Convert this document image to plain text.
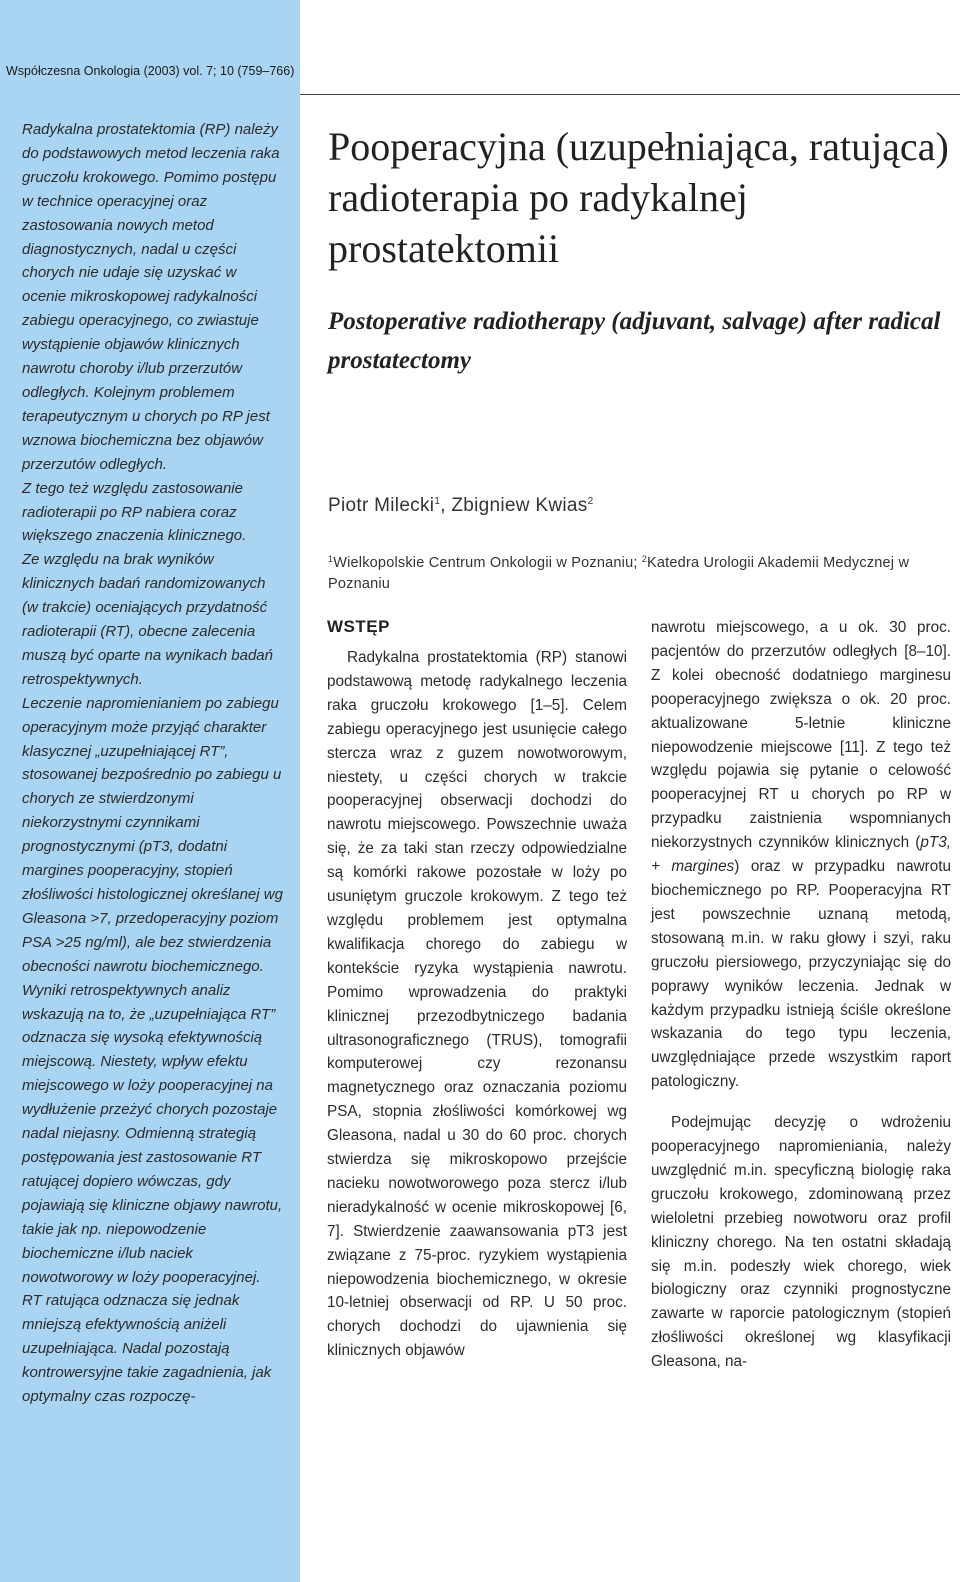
Współczesna Onkologia (2003) vol. 7; 10 (759–766)

Radykalna prostatektomia (RP) należy do podstawowych metod leczenia raka gruczołu krokowego. Pomimo postępu w technice operacyjnej oraz zastosowania nowych metod diagnostycznych, nadal u części chorych nie udaje się uzyskać w ocenie mikroskopowej radykalności zabiegu operacyjnego, co zwiastuje wystąpienie objawów klinicznych nawrotu choroby i/lub przerzutów odległych. Kolejnym problemem terapeutycznym u chorych po RP jest wznowa biochemiczna bez objawów przerzutów odległych.

Z tego też względu zastosowanie radioterapii po RP nabiera coraz większego znaczenia klinicznego.

Ze względu na brak wyników klinicznych badań randomizowanych (w trakcie) oceniających przydatność radioterapii (RT), obecne zalecenia muszą być oparte na wynikach badań retrospektywnych.

Leczenie napromienianiem po zabiegu operacyjnym może przyjąć charakter klasycznej „uzupełniającej RT”, stosowanej bezpośrednio po zabiegu u chorych ze stwierdzonymi niekorzystnymi czynnikami prognostycznymi (pT3, dodatni margines pooperacyjny, stopień złośliwości histologicznej określanej wg Gleasona >7, przedoperacyjny poziom PSA >25 ng/ml), ale bez stwierdzenia obecności nawrotu biochemicznego. Wyniki retrospektywnych analiz wskazują na to, że „uzupełniająca RT” odznacza się wysoką efektywnością miejscową. Niestety, wpływ efektu miejscowego w loży pooperacyjnej na wydłużenie przeżyć chorych pozostaje nadal niejasny. Odmienną strategią postępowania jest zastosowanie RT ratującej dopiero wówczas, gdy pojawiają się kliniczne objawy nawrotu, takie jak np. niepowodzenie biochemiczne i/lub naciek nowotworowy w loży pooperacyjnej. RT ratująca odznacza się jednak mniejszą efektywnością aniżeli uzupełniająca. Nadal pozostają kontrowersyjne takie zagadnienia, jak optymalny czas rozpoczę-

Pooperacyjna (uzupełniająca, ratująca) radioterapia po radykalnej prostatektomii
Postoperative radiotherapy (adjuvant, salvage) after radical prostatectomy
Piotr Milecki$^1$, Zbigniew Kwias$^2$
$^1$Wielkopolskie Centrum Onkologii w Poznaniu; $^2$Katedra Urologii Akademii Medycznej w Poznaniu
WSTĘP

Radykalna prostatektomia (RP) stanowi podstawową metodę radykalnego leczenia raka gruczołu krokowego [1–5]. Celem zabiegu operacyjnego jest usunięcie całego stercza wraz z guzem nowotworowym, niestety, u części chorych w trakcie pooperacyjnej obserwacji dochodzi do nawrotu miejscowego. Powszechnie uważa się, że za taki stan rzeczy odpowiedzialne są komórki rakowe pozostałe w loży po usuniętym gruczole krokowym. Z tego też względu problemem jest optymalna kwalifikacja chorego do zabiegu w kontekście ryzyka wystąpienia nawrotu. Pomimo wprowadzenia do praktyki klinicznej przezodbytniczego badania ultrasonograficznego (TRUS), tomografii komputerowej czy rezonansu magnetycznego oraz oznaczania poziomu PSA, stopnia złośliwości komórkowej wg Gleasona, nadal u 30 do 60 proc. chorych stwierdza się mikroskopowo przejście nacieku nowotworowego poza stercz i/lub nieradykalność w ocenie mikroskopowej [6, 7]. Stwierdzenie zaawansowania pT3 jest związane z 75-proc. ryzykiem wystąpienia niepowodzenia biochemicznego, w okresie 10-letniej obserwacji od RP. U 50 proc. chorych dochodzi do ujawnienia się klinicznych objawów

nawrotu miejscowego, a u ok. 30 proc. pacjentów do przerzutów odległych [8–10]. Z kolei obecność dodatniego marginesu pooperacyjnego zwiększa o ok. 20 proc. aktualizowane 5-letnie kliniczne niepowodzenie miejscowe [11]. Z tego też względu pojawia się pytanie o celowość pooperacyjnej RT u chorych po RP w przypadku zaistnienia wspomnianych niekorzystnych czynników klinicznych (pT3, + margines) oraz w przypadku nawrotu biochemicznego po RP. Pooperacyjna RT jest powszechnie uznaną metodą, stosowaną m.in. w raku głowy i szyi, raku gruczołu piersiowego, przyczyniając się do poprawy wyników leczenia. Jednak w każdym przypadku istnieją ściśle określone wskazania do tego typu leczenia, uwzględniające przede wszystkim raport patologiczny.

Podejmując decyzję o wdrożeniu pooperacyjnego napromieniania, należy uwzględnić m.in. specyficzną biologię raka gruczołu krokowego, zdominowaną przez wieloletni przebieg nowotworu oraz profil kliniczny chorego. Na ten ostatni składają się m.in. podeszły wiek chorego, wiek biologiczny oraz czynniki prognostyczne zawarte w raporcie patologicznym (stopień złośliwości określonej wg klasyfikacji Gleasona, na-
